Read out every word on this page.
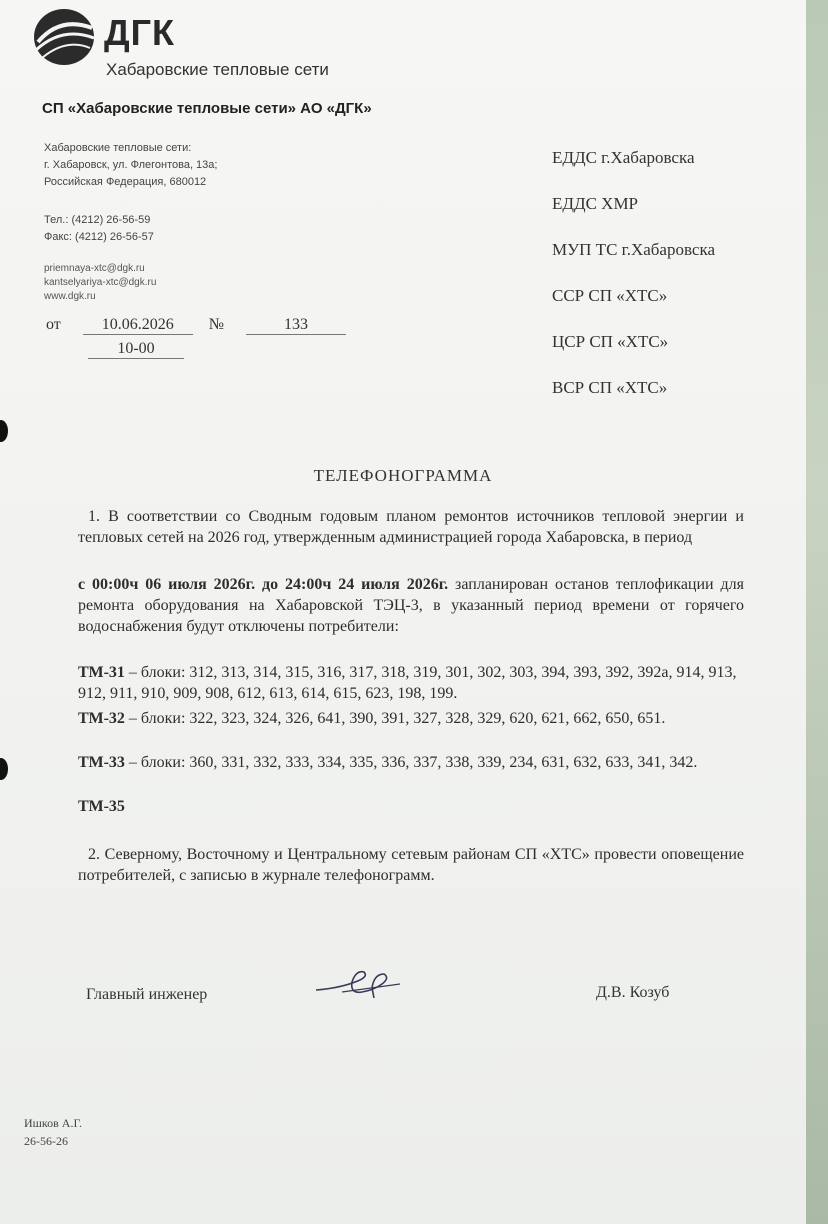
ДГК
Хабаровские тепловые сети
СП «Хабаровские тепловые сети» АО «ДГК»
Хабаровские тепловые сети:
г. Хабаровск, ул. Флегонтова, 13а;
Российская Федерация, 680012
Тел.: (4212) 26-56-59
Факс: (4212) 26-56-57
priemnaya-xtc@dgk.ru
kantselyariya-xtc@dgk.ru
www.dgk.ru
от	10.06.2026 №	133
10-00
ЕДДС г.Хабаровска
ЕДДС ХМР
МУП ТС г.Хабаровска
ССР СП «ХТС»
ЦСР СП «ХТС»
ВСР СП «ХТС»
ТЕЛЕФОНОГРАММА
1. В соответствии со Сводным годовым планом ремонтов источников тепловой энергии и тепловых сетей на 2026 год, утвержденным администрацией города Хабаровска, в период
с 00:00ч 06 июля 2026г. до 24:00ч 24 июля 2026г. запланирован останов теплофикации для ремонта оборудования на Хабаровской ТЭЦ-3, в указанный период времени от горячего водоснабжения будут отключены потребители:
ТМ-31 – блоки: 312, 313, 314, 315, 316, 317, 318, 319, 301, 302, 303, 394, 393, 392, 392а, 914, 913, 912, 911, 910, 909, 908, 612, 613, 614, 615, 623, 198, 199.
ТМ-32 – блоки: 322, 323, 324, 326, 641, 390, 391, 327, 328, 329, 620, 621, 662, 650, 651.
ТМ-33 – блоки: 360, 331, 332, 333, 334, 335, 336, 337, 338, 339, 234, 631, 632, 633, 341, 342.
ТМ-35
2. Северному, Восточному и Центральному сетевым районам СП «ХТС» провести оповещение потребителей, с записью в журнале телефонограмм.
Главный инженер	Д.В. Козуб
Ишков А.Г.
26-56-26
